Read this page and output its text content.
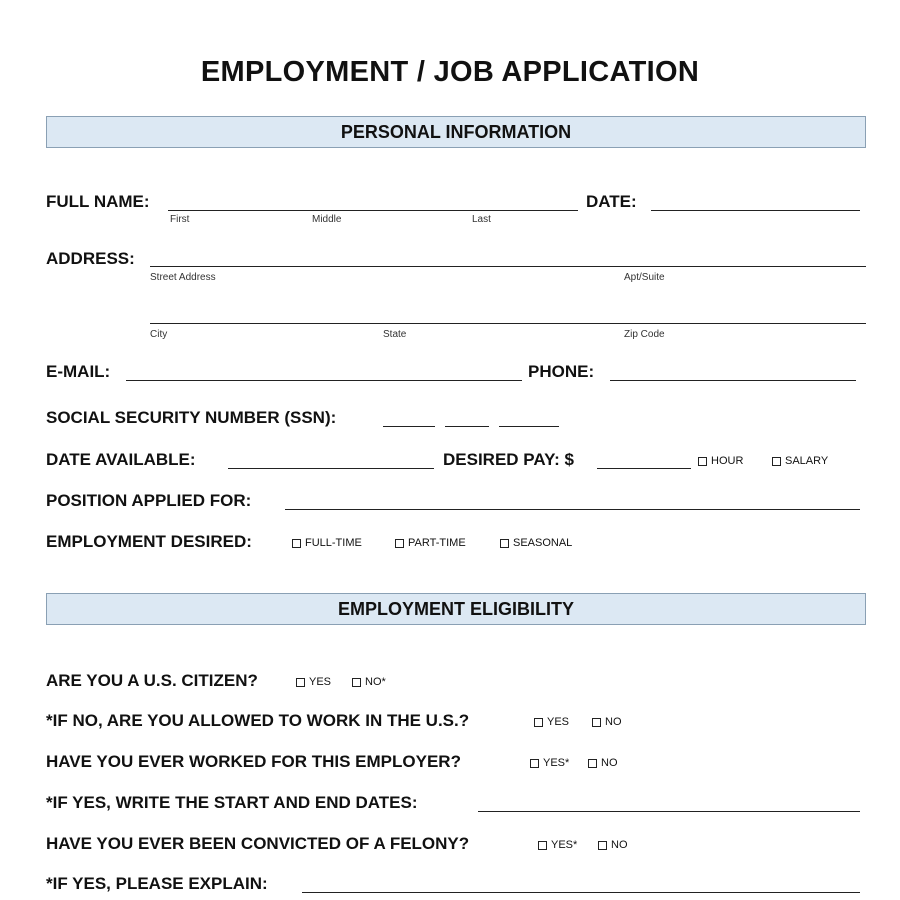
EMPLOYMENT / JOB APPLICATION
PERSONAL INFORMATION
FULL NAME:
First	Middle	Last
DATE:
ADDRESS:
Street Address	Apt/Suite
City	State	Zip Code
E-MAIL:	PHONE:
SOCIAL SECURITY NUMBER (SSN):
DATE AVAILABLE:	DESIRED PAY: $	HOUR	SALARY
POSITION APPLIED FOR:
EMPLOYMENT DESIRED:	FULL-TIME	PART-TIME	SEASONAL
EMPLOYMENT ELIGIBILITY
ARE YOU A U.S. CITIZEN?	YES	NO*
*IF NO, ARE YOU ALLOWED TO WORK IN THE U.S.?	YES	NO
HAVE YOU EVER WORKED FOR THIS EMPLOYER?	YES*	NO
*IF YES, WRITE THE START AND END DATES:
HAVE YOU EVER BEEN CONVICTED OF A FELONY?	YES*	NO
*IF YES, PLEASE EXPLAIN:
